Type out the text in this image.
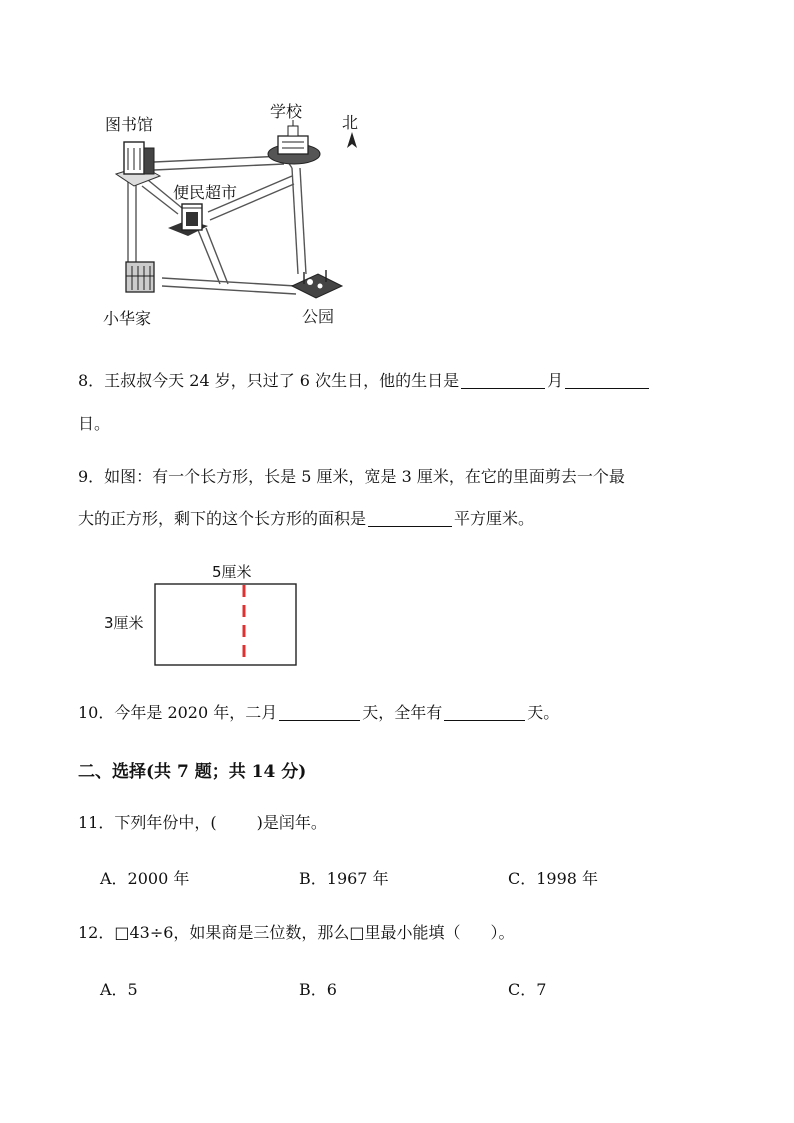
图书馆
学校
北
便民超市
小华家	公园
8．王叔叔今天 24 岁，只过了 6 次生日，他的生日是	月
日。
9．如图：有一个长方形，长是 5 厘米，宽是 3 厘米，在它的里面剪去一个最
大的正方形，剩下的这个长方形的面积是	平方厘米。
5厘米
3厘米
10．今年是 2020 年，二月	天，全年有	天。
二、选择(共 7 题；共 14 分)
11．下列年份中，(	)是闰年。
A．2000 年	B．1967 年	C．1998 年
12．□43÷6，如果商是三位数，那么□里最小能填（ ）。
A．5	B．6	C．7
